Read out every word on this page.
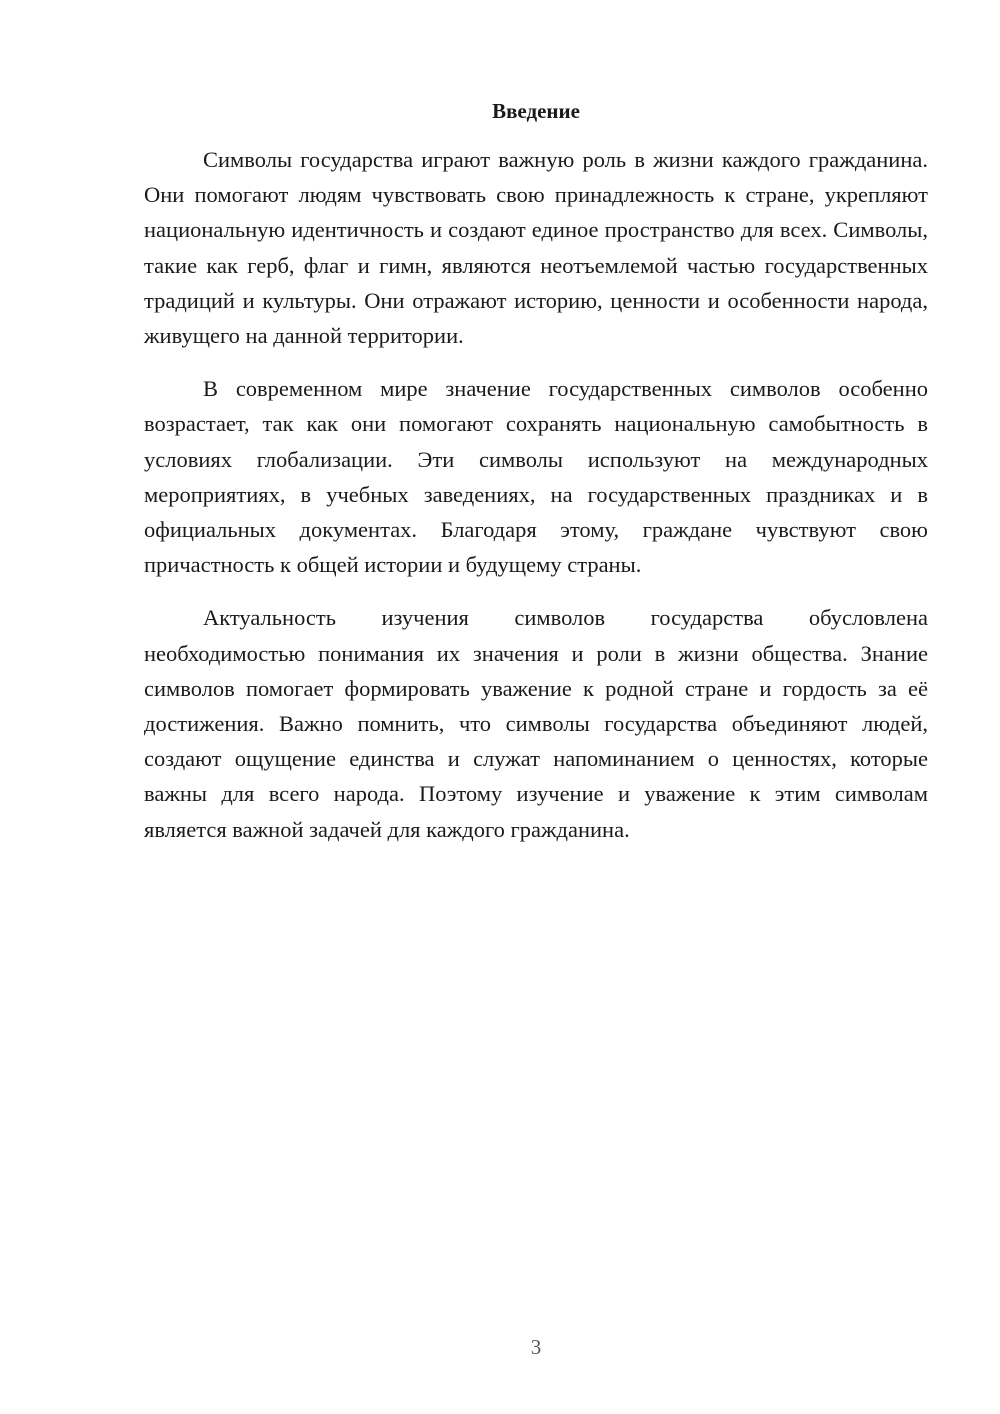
Введение

Символы государства играют важную роль в жизни каждого гражданина. Они помогают людям чувствовать свою принадлежность к стране, укрепляют национальную идентичность и создают единое пространство для всех. Символы, такие как герб, флаг и гимн, являются неотъемлемой частью государственных традиций и культуры. Они отражают историю, ценности и особенности народа, живущего на данной территории.

В современном мире значение государственных символов особенно возрастает, так как они помогают сохранять национальную самобытность в условиях глобализации. Эти символы используют на международных мероприятиях, в учебных заведениях, на государственных праздниках и в официальных документах. Благодаря этому, граждане чувствуют свою причастность к общей истории и будущему страны.

Актуальность изучения символов государства обусловлена необходимостью понимания их значения и роли в жизни общества. Знание символов помогает формировать уважение к родной стране и гордость за её достижения. Важно помнить, что символы государства объединяют людей, создают ощущение единства и служат напоминанием о ценностях, которые важны для всего народа. Поэтому изучение и уважение к этим символам является важной задачей для каждого гражданина.

3
